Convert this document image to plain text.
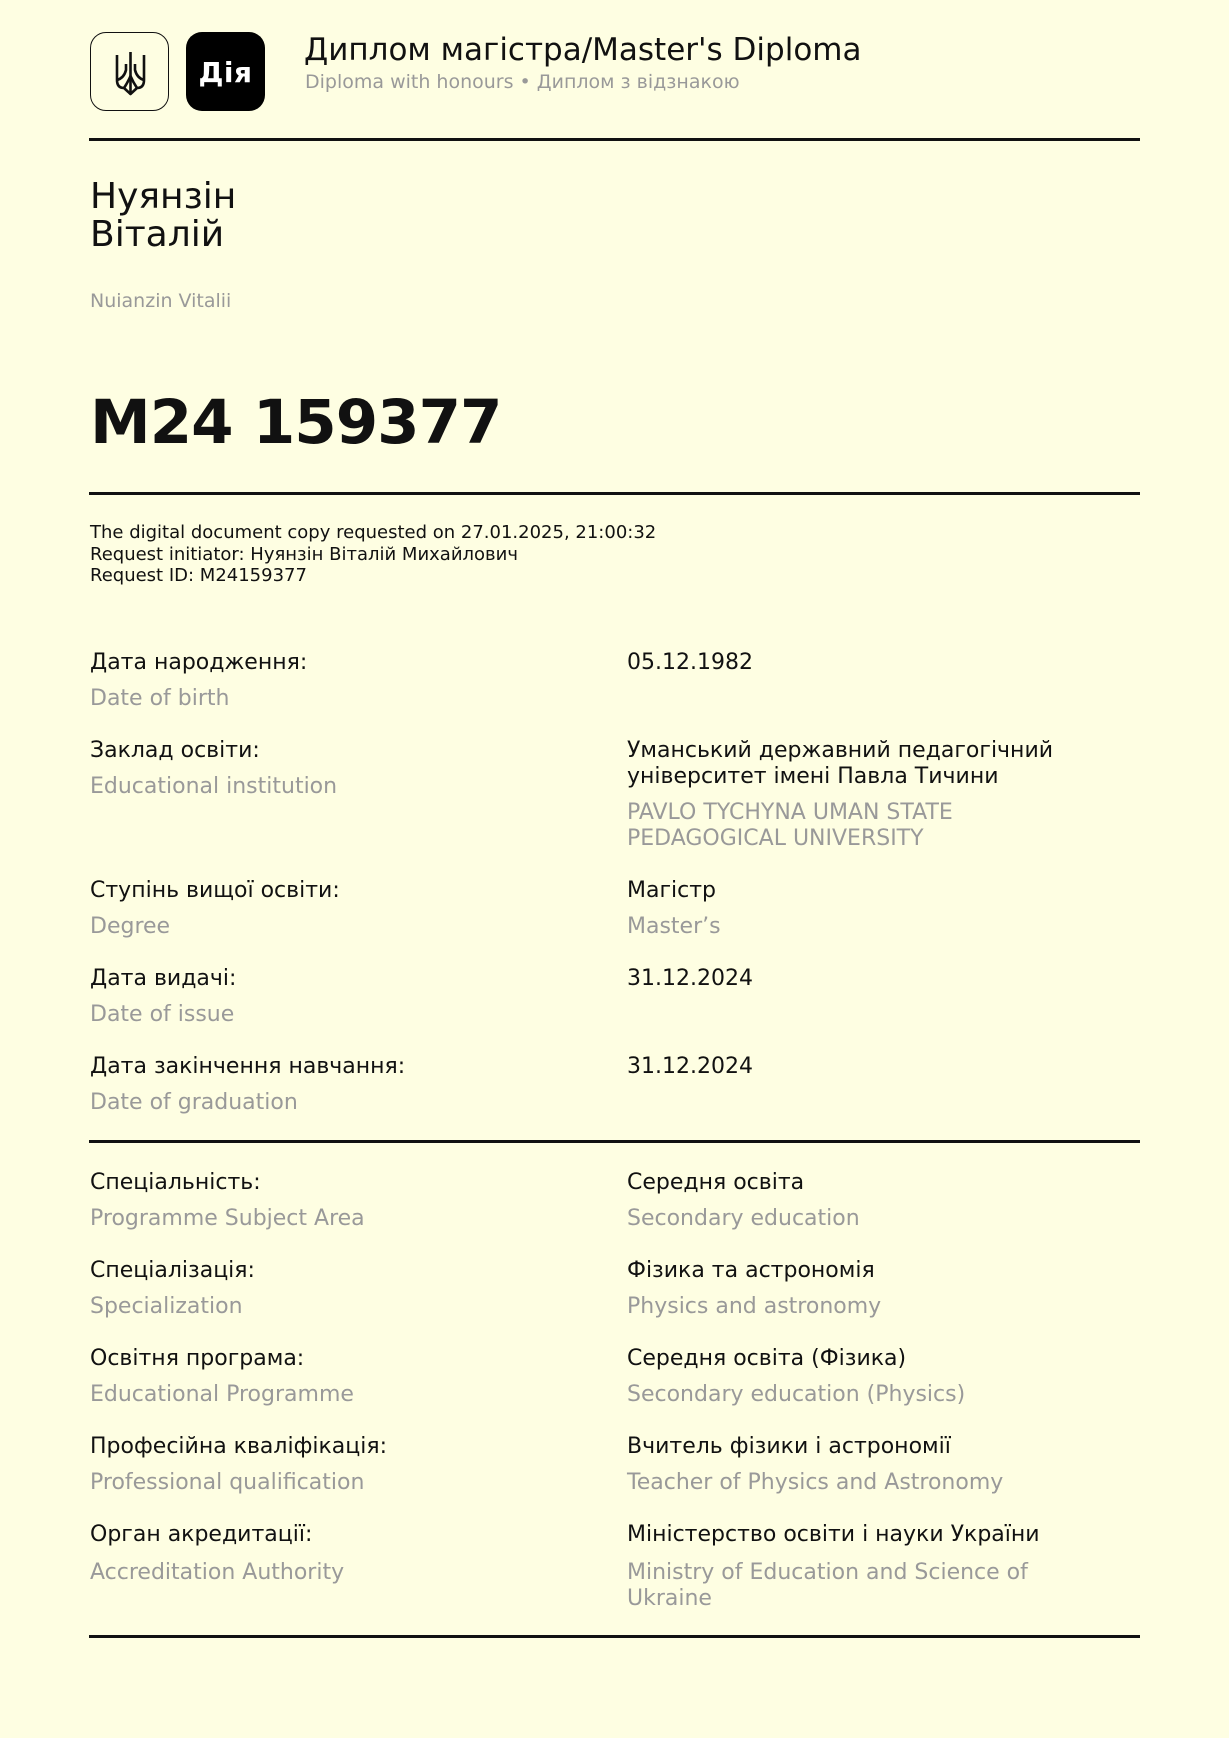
Дія
Диплом магістра/Master's Diploma
Diploma with honours • Диплом з відзнакою
Нуянзін
Віталій
Nuianzin Vitalii
M24 159377
The digital document copy requested on 27.01.2025, 21:00:32
Request initiator: Нуянзін Віталій Михайлович
Request ID: M24159377
Дата народження:
Date of birth
05.12.1982
Заклад освіти:
Educational institution
Уманський державний педагогічний
університет імені Павла Тичини
PAVLO TYCHYNA UMAN STATE
PEDAGOGICAL UNIVERSITY
Ступінь вищої освіти:
Degree
Магістр
Master’s
Дата видачі:
Date of issue
31.12.2024
Дата закінчення навчання:
Date of graduation
31.12.2024
Спеціальність:
Programme Subject Area
Середня освіта
Secondary education
Спеціалізація:
Specialization
Фізика та астрономія
Physics and astronomy
Освітня програма:
Educational Programme
Середня освіта (Фізика)
Secondary education (Physics)
Професійна кваліфікація:
Professional qualification
Вчитель фізики і астрономії
Teacher of Physics and Astronomy
Орган акредитації:
Accreditation Authority
Міністерство освіти і науки України
Ministry of Education and Science of
Ukraine
